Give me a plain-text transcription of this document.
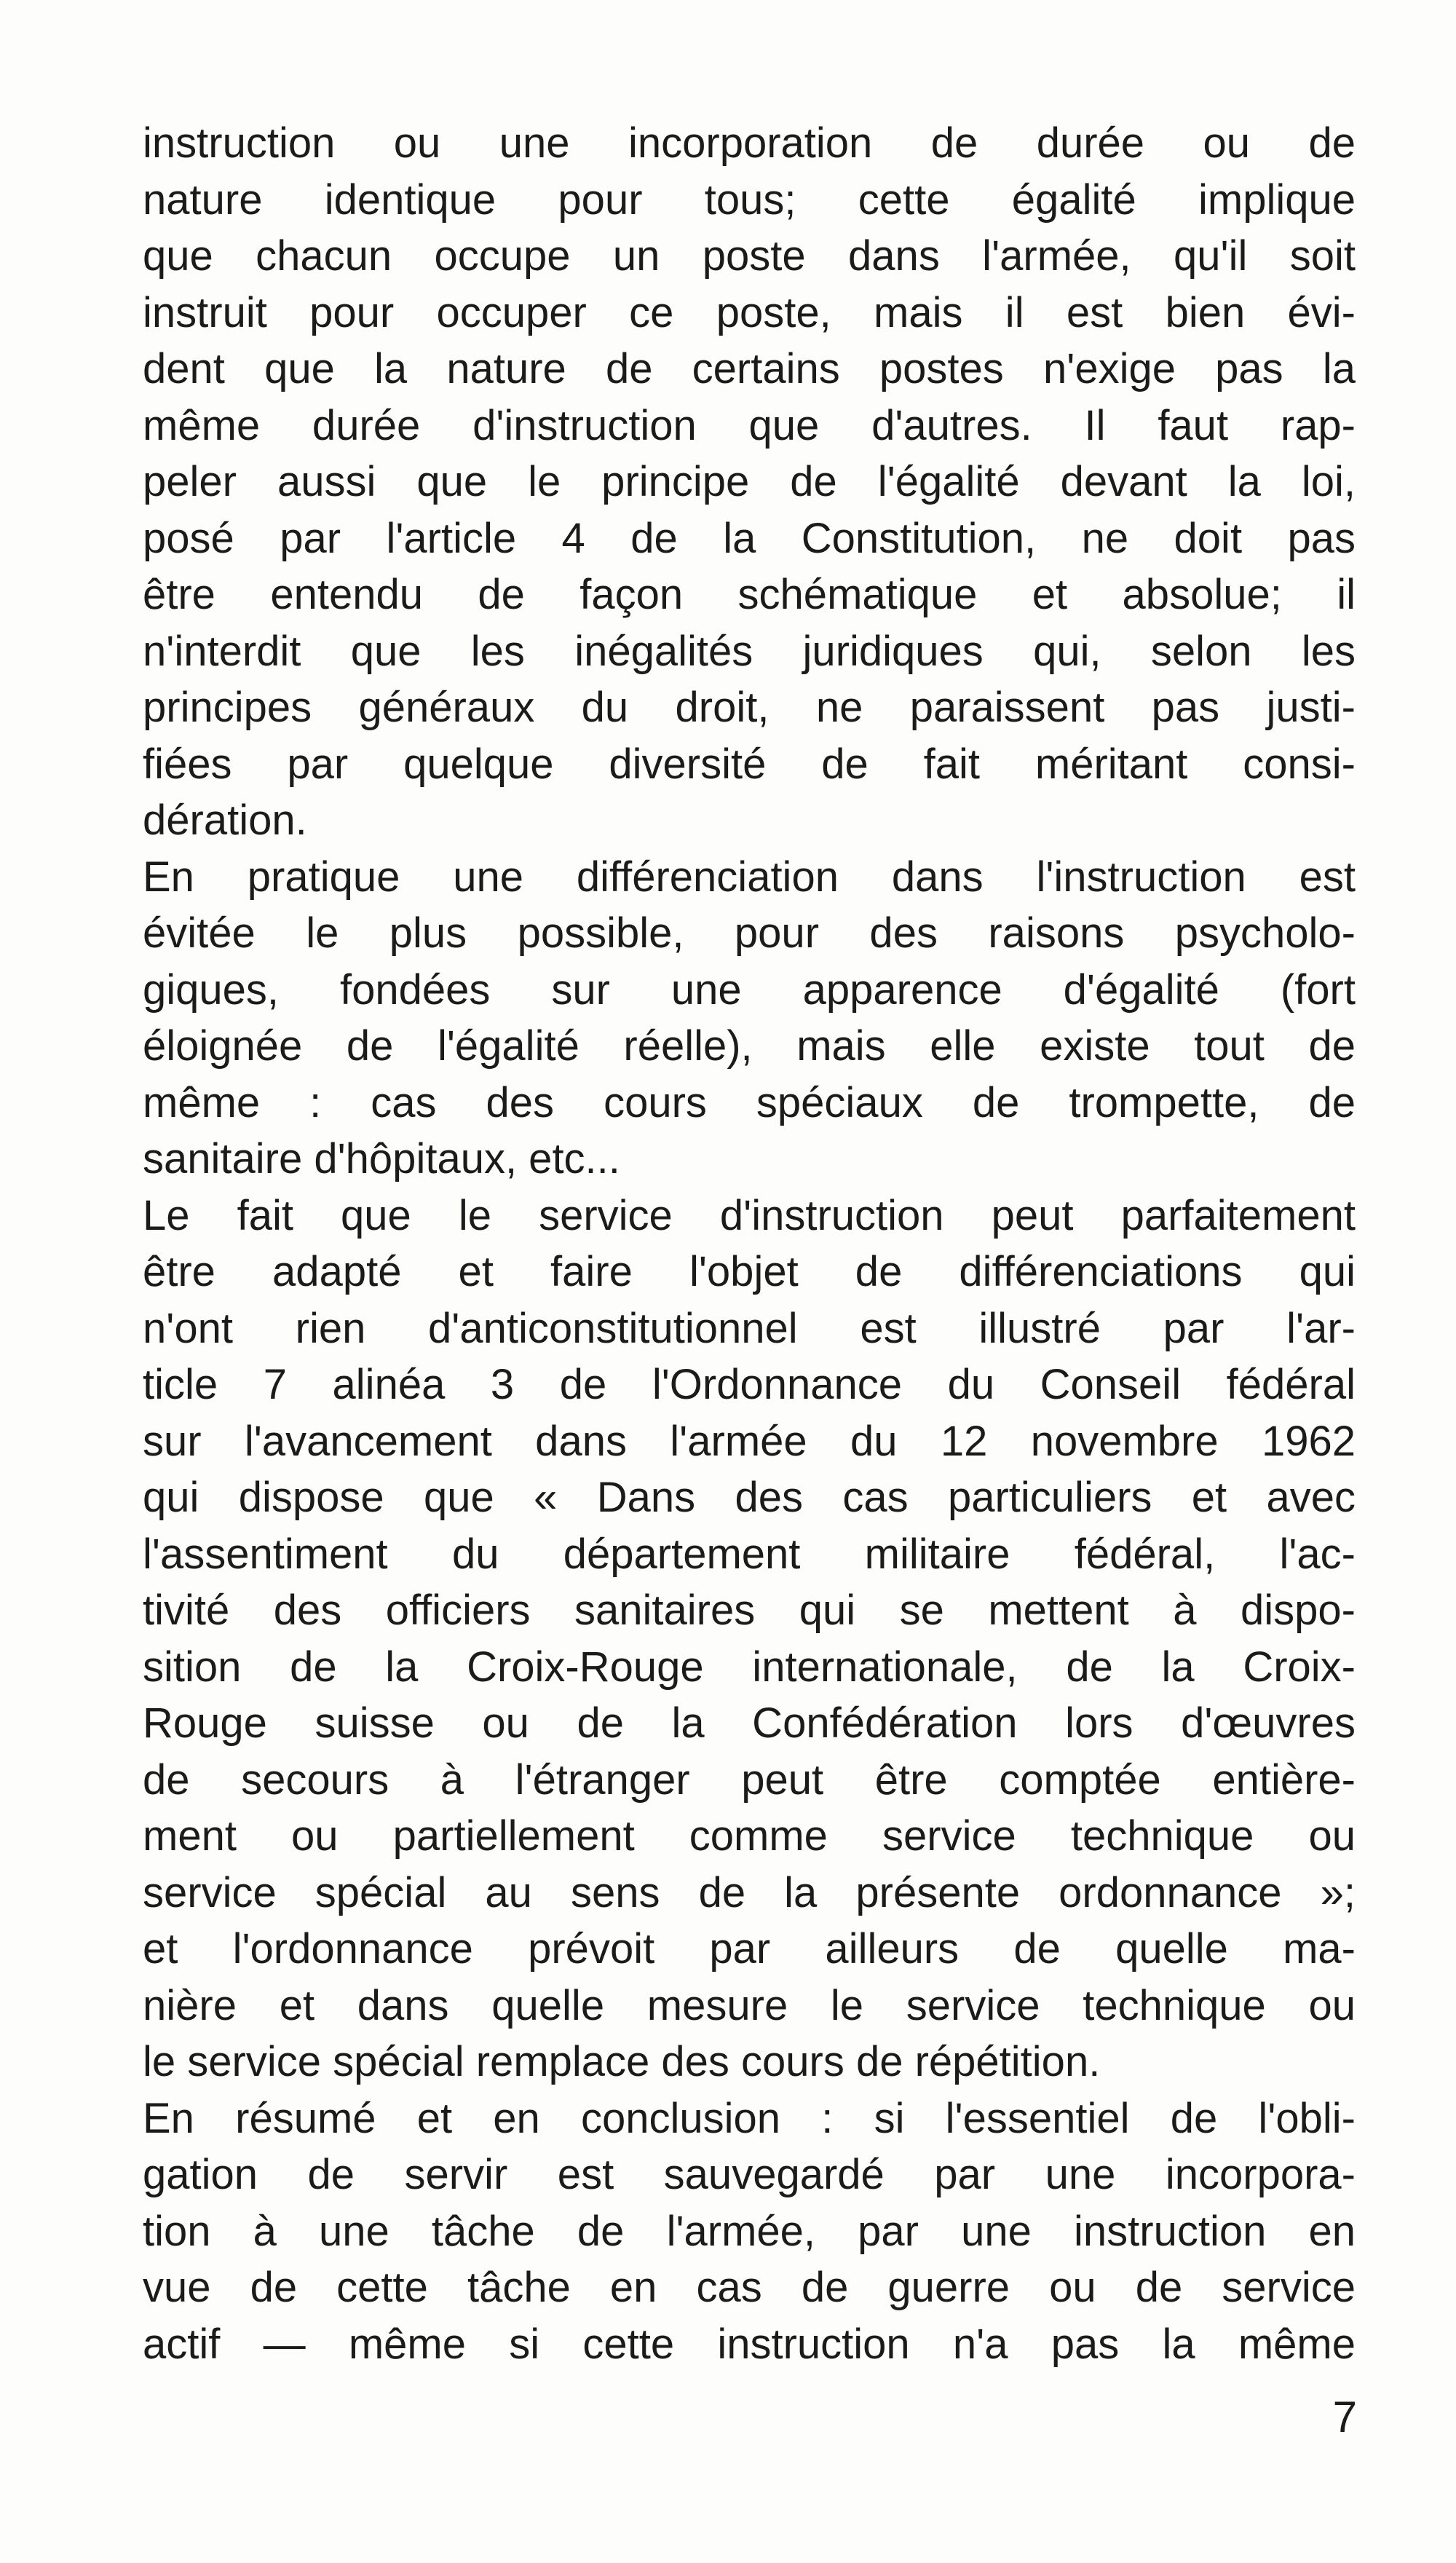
instruction ou une incorporation de durée ou de
nature identique pour tous; cette égalité implique
que chacun occupe un poste dans l'armée, qu'il soit
instruit pour occuper ce poste, mais il est bien évi-
dent que la nature de certains postes n'exige pas la
même durée d'instruction que d'autres. Il faut rap-
peler aussi que le principe de l'égalité devant la loi,
posé par l'article 4 de la Constitution, ne doit pas
être entendu de façon schématique et absolue; il
n'interdit que les inégalités juridiques qui, selon les
principes généraux du droit, ne paraissent pas justi-
fiées par quelque diversité de fait méritant consi-
dération.
En pratique une différenciation dans l'instruction est
évitée le plus possible, pour des raisons psycholo-
giques, fondées sur une apparence d'égalité (fort
éloignée de l'égalité réelle), mais elle existe tout de
même : cas des cours spéciaux de trompette, de
sanitaire d'hôpitaux, etc...
Le fait que le service d'instruction peut parfaitement
être adapté et faire l'objet de différenciations qui
n'ont rien d'anticonstitutionnel est illustré par l'ar-
ticle 7 alinéa 3 de l'Ordonnance du Conseil fédéral
sur l'avancement dans l'armée du 12 novembre 1962
qui dispose que « Dans des cas particuliers et avec
l'assentiment du département militaire fédéral, l'ac-
tivité des officiers sanitaires qui se mettent à dispo-
sition de la Croix-Rouge internationale, de la Croix-
Rouge suisse ou de la Confédération lors d'œuvres
de secours à l'étranger peut être comptée entière-
ment ou partiellement comme service technique ou
service spécial au sens de la présente ordonnance »;
et l'ordonnance prévoit par ailleurs de quelle ma-
nière et dans quelle mesure le service technique ou
le service spécial remplace des cours de répétition.
En résumé et en conclusion : si l'essentiel de l'obli-
gation de servir est sauvegardé par une incorpora-
tion à une tâche de l'armée, par une instruction en
vue de cette tâche en cas de guerre ou de service
actif — même si cette instruction n'a pas la même
7
